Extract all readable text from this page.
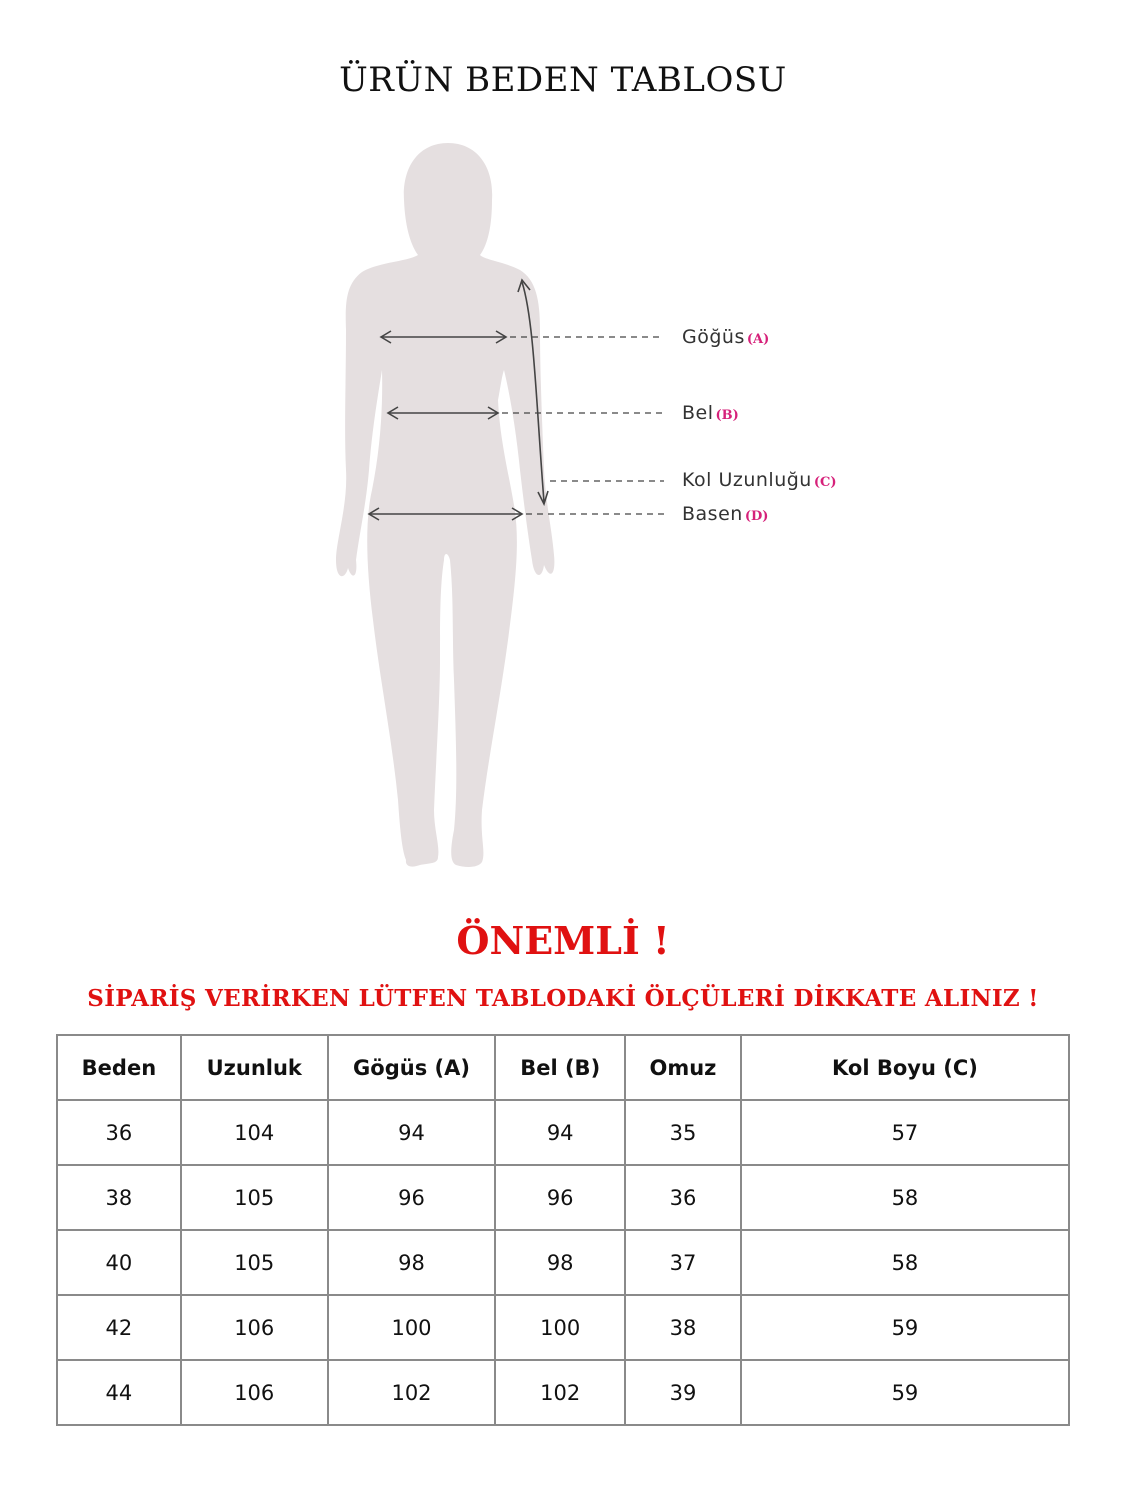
ÜRÜN BEDEN TABLOSU
Göğüs (A)
Bel (B)
Kol Uzunluğu (C)
Basen (D)
ÖNEMLİ !
SİPARİŞ VERİRKEN LÜTFEN TABLODAKİ ÖLÇÜLERİ DİKKATE ALINIZ !
Beden	Uzunluk	Gögüs (A)	Bel (B)	Omuz	Kol Boyu (C)
36	104	94	94	35	57
38	105	96	96	36	58
40	105	98	98	37	58
42	106	100	100	38	59
44	106	102	102	39	59
